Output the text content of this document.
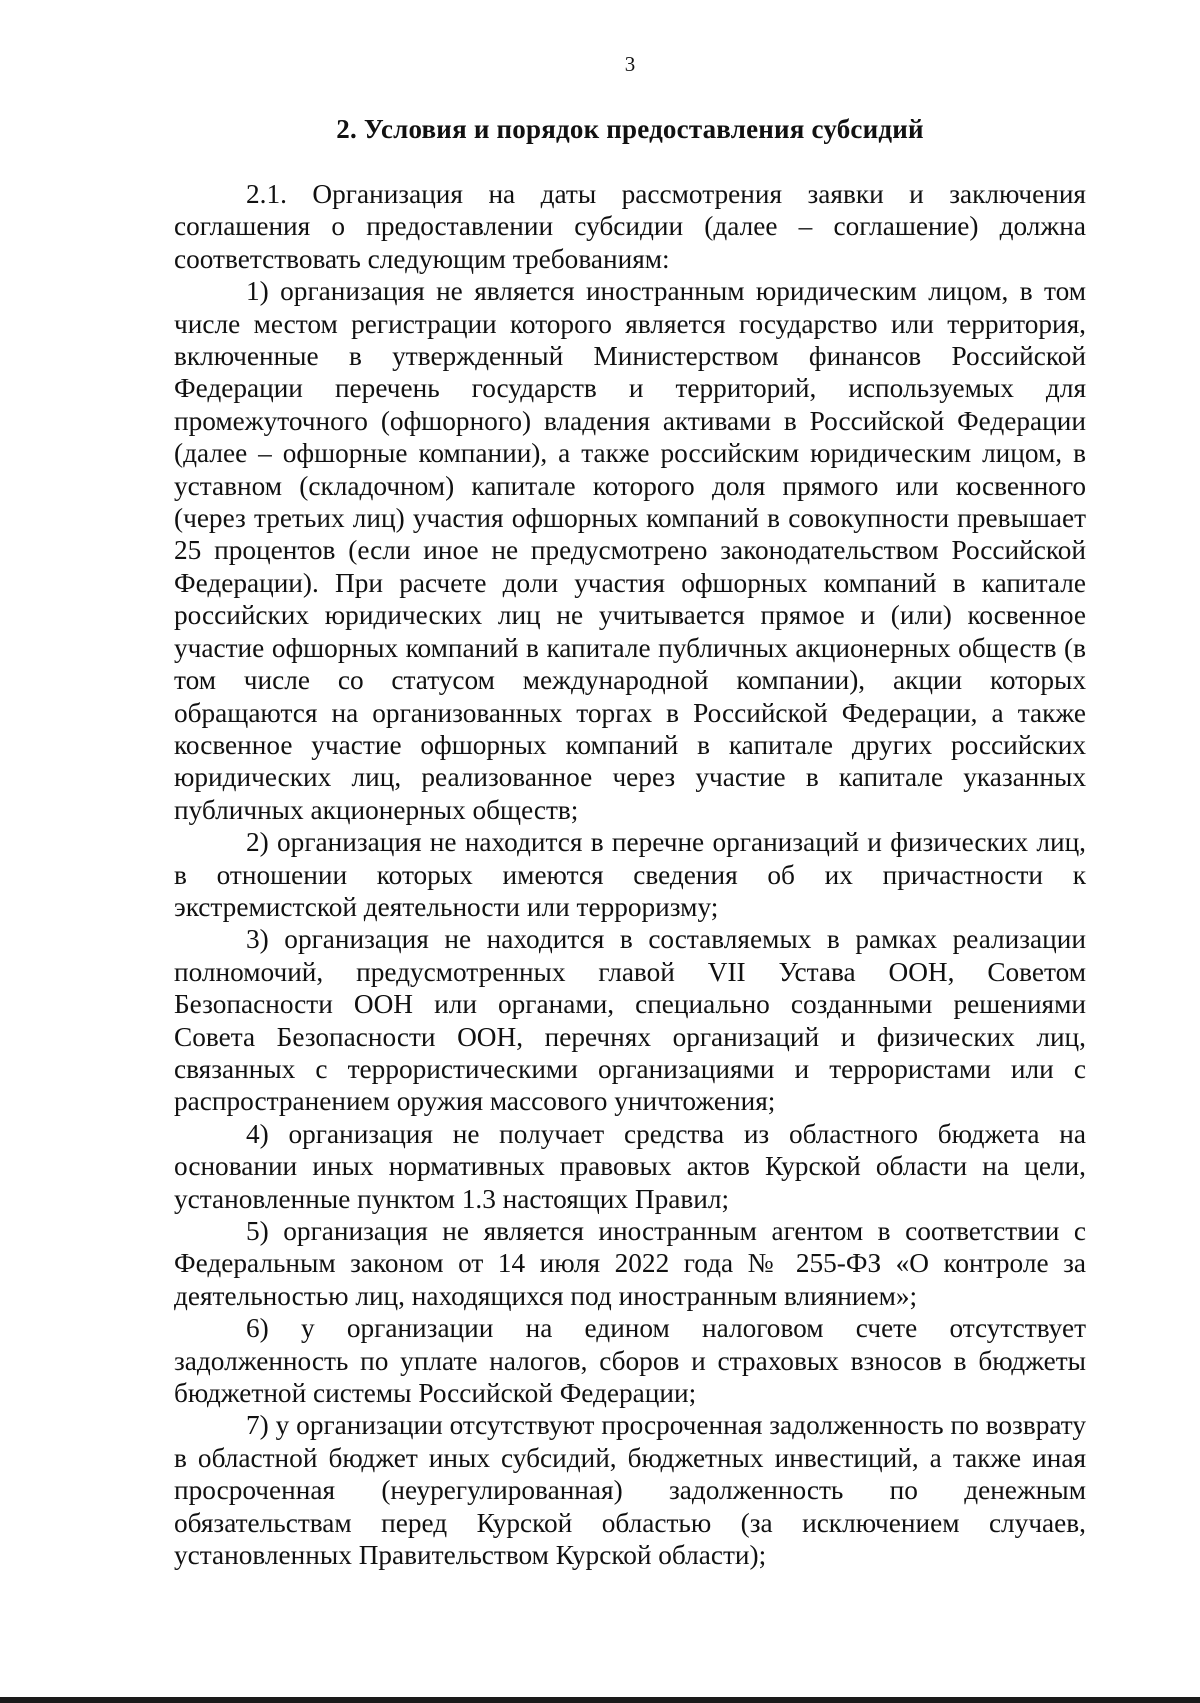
3
2. Условия и порядок предоставления субсидий

2.1. Организация на даты рассмотрения заявки и заключения соглашения о предоставлении субсидии (далее – соглашение) должна соответствовать следующим требованиям:

1) организация не является иностранным юридическим лицом, в том числе местом регистрации которого является государство или территория, включенные в утвержденный Министерством финансов Российской Федерации перечень государств и территорий, используемых для промежуточного (офшорного) владения активами в Российской Федерации (далее – офшорные компании), а также российским юридическим лицом, в уставном (складочном) капитале которого доля прямого или косвенного (через третьих лиц) участия офшорных компаний в совокупности превышает 25 процентов (если иное не предусмотрено законодательством Российской Федерации). При расчете доли участия офшорных компаний в капитале российских юридических лиц не учитывается прямое и (или) косвенное участие офшорных компаний в капитале публичных акционерных обществ (в том числе со статусом международной компании), акции которых обращаются на организованных торгах в Российской Федерации, а также косвенное участие офшорных компаний в капитале других российских юридических лиц, реализованное через участие в капитале указанных публичных акционерных обществ;

2) организация не находится в перечне организаций и физических лиц, в отношении которых имеются сведения об их причастности к экстремистской деятельности или терроризму;

3) организация не находится в составляемых в рамках реализации полномочий, предусмотренных главой VII Устава ООН, Советом Безопасности ООН или органами, специально созданными решениями Совета Безопасности ООН, перечнях организаций и физических лиц, связанных с террористическими организациями и террористами или с распространением оружия массового уничтожения;

4) организация не получает средства из областного бюджета на основании иных нормативных правовых актов Курской области на цели, установленные пунктом 1.3 настоящих Правил;

5) организация не является иностранным агентом в соответствии с Федеральным законом от 14 июля 2022 года № 255-ФЗ «О контроле за деятельностью лиц, находящихся под иностранным влиянием»;

6) у организации на едином налоговом счете отсутствует задолженность по уплате налогов, сборов и страховых взносов в бюджеты бюджетной системы Российской Федерации;

7) у организации отсутствуют просроченная задолженность по возврату в областной бюджет иных субсидий, бюджетных инвестиций, а также иная просроченная (неурегулированная) задолженность по денежным обязательствам перед Курской областью (за исключением случаев, установленных Правительством Курской области);
